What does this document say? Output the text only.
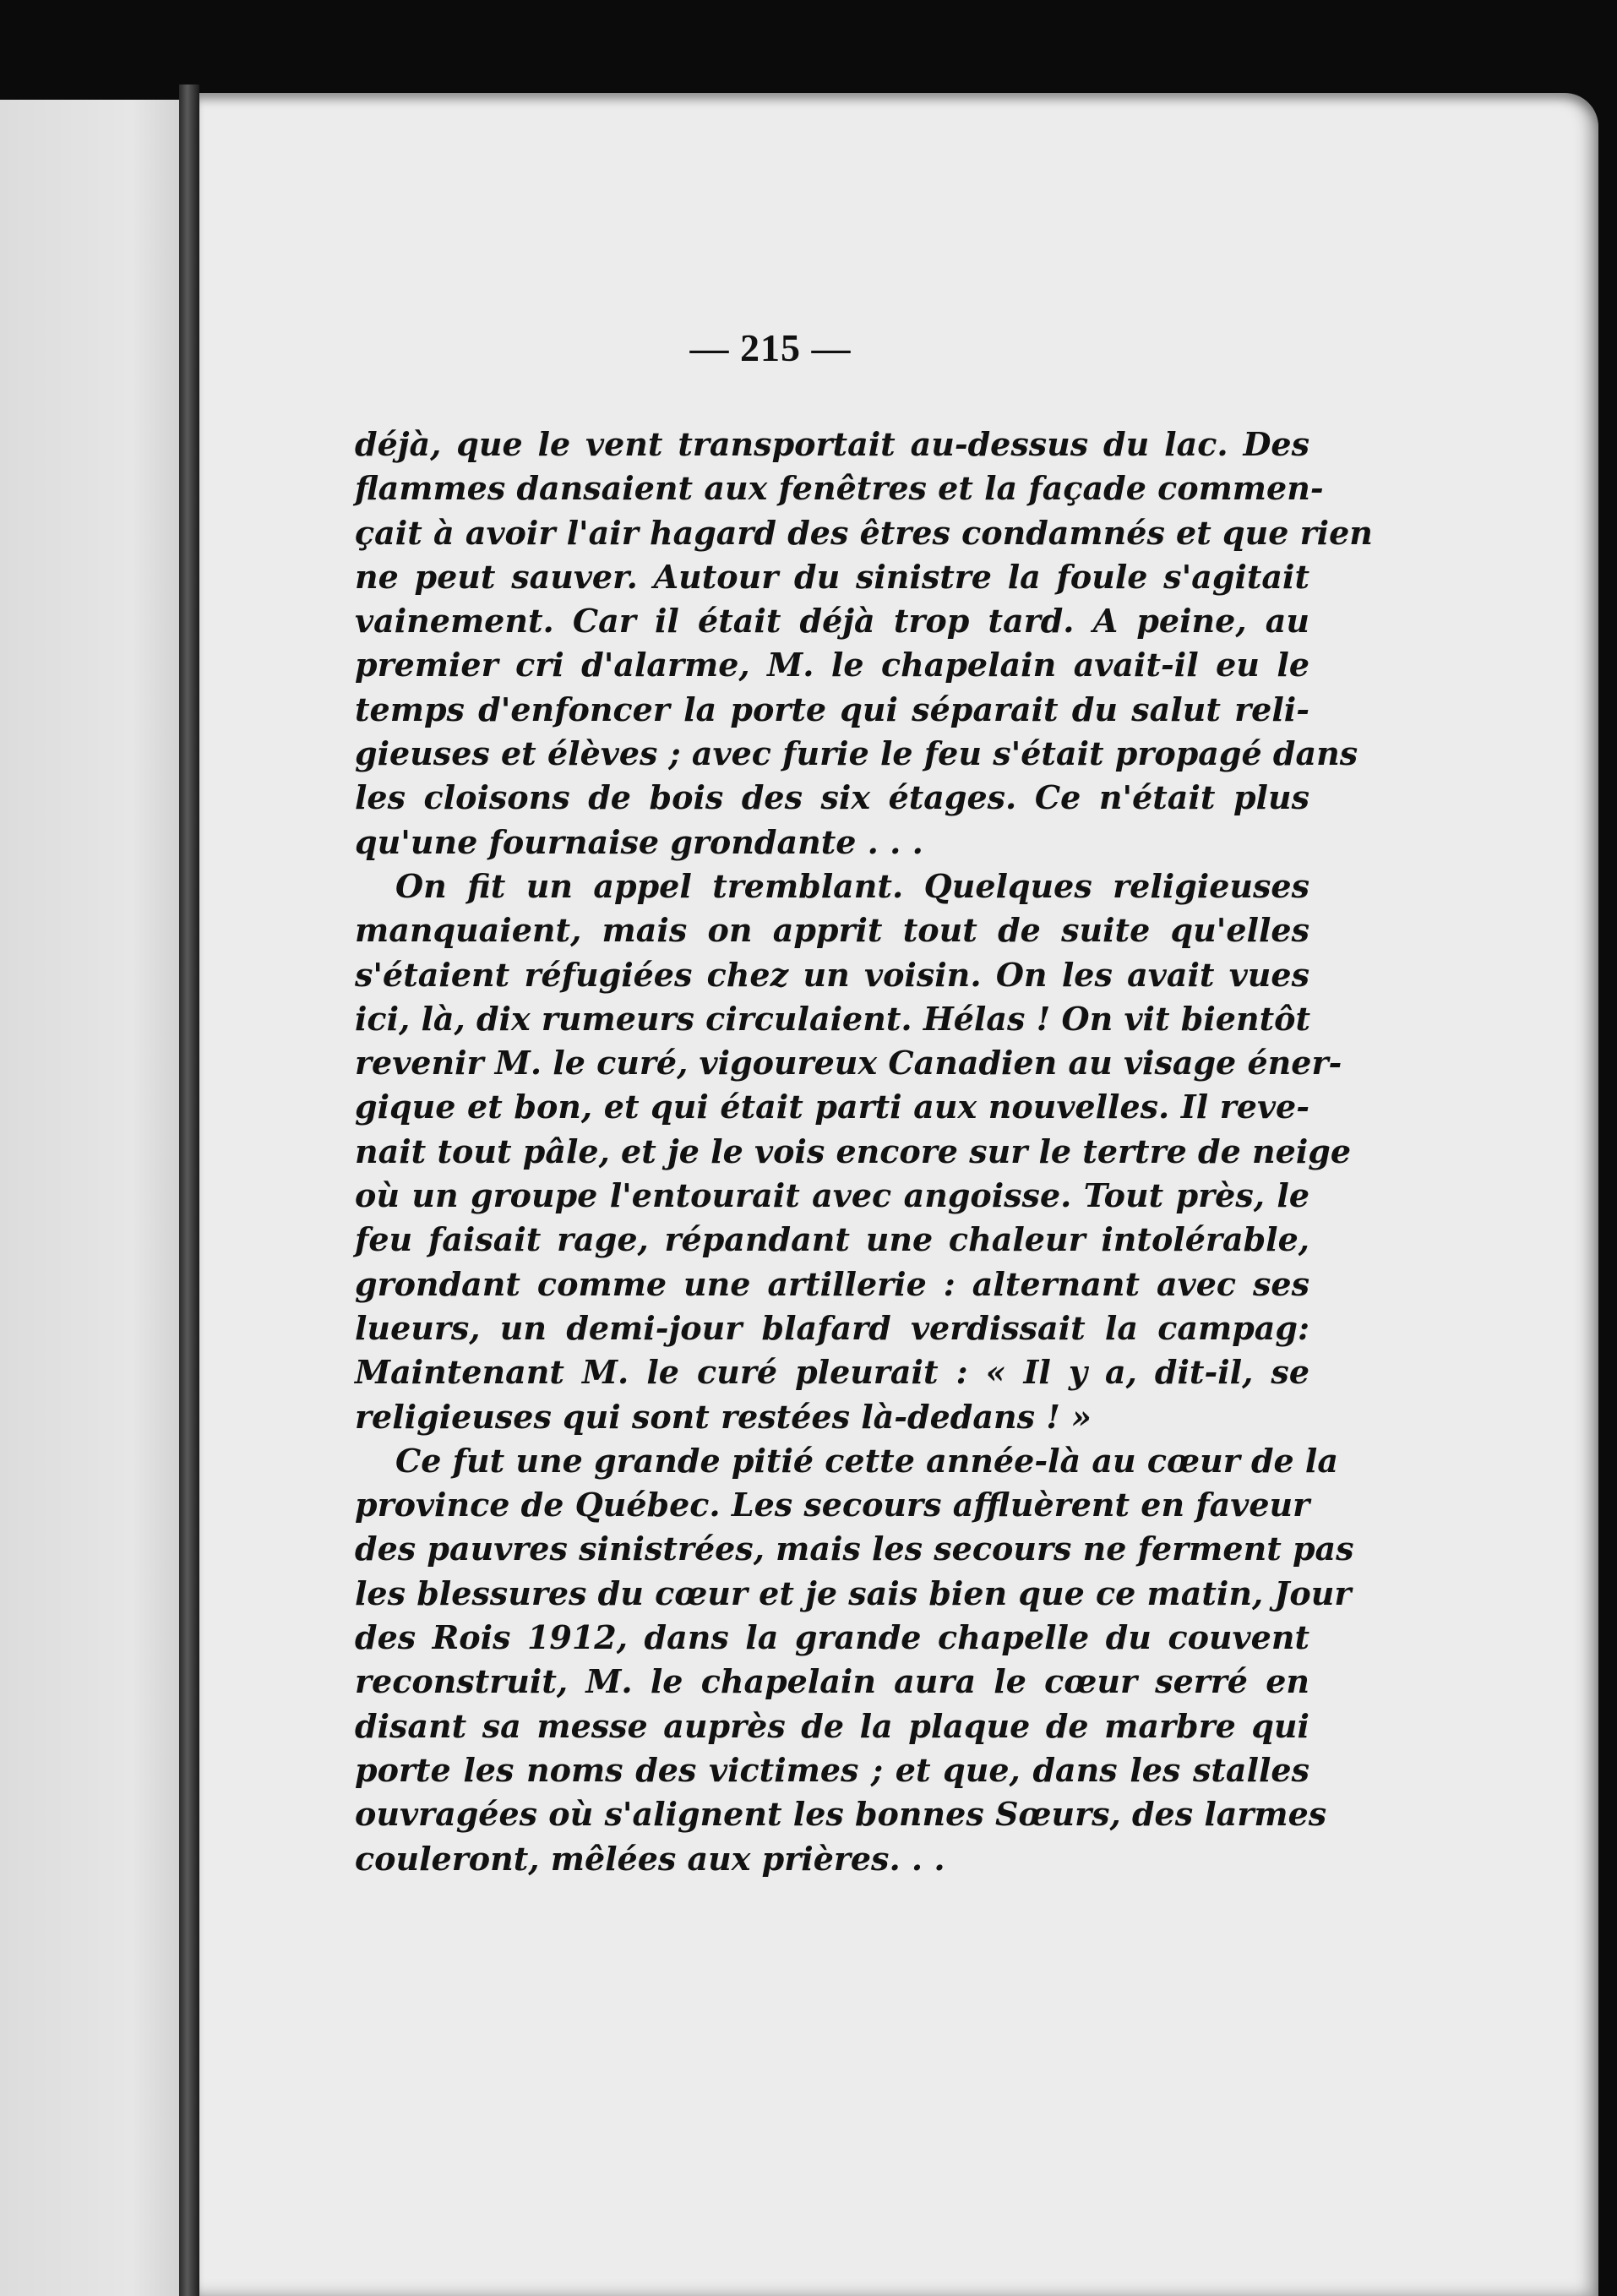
— 215 —
déjà, que le vent transportait au-dessus du lac. Des
flammes dansaient aux fenêtres et la façade commen-
çait à avoir l'air hagard des êtres condamnés et que rien
ne peut sauver. Autour du sinistre la foule s'agitait
vainement. Car il était déjà trop tard. A peine, au
premier cri d'alarme, M. le chapelain avait-il eu le
temps d'enfoncer la porte qui séparait du salut reli-
gieuses et élèves ; avec furie le feu s'était propagé dans
les cloisons de bois des six étages. Ce n'était plus
qu'une fournaise grondante . . .
On fit un appel tremblant. Quelques religieuses
manquaient, mais on apprit tout de suite qu'elles
s'étaient réfugiées chez un voisin. On les avait vues
ici, là, dix rumeurs circulaient. Hélas ! On vit bientôt
revenir M. le curé, vigoureux Canadien au visage éner-
gique et bon, et qui était parti aux nouvelles. Il reve-
nait tout pâle, et je le vois encore sur le tertre de neige
où un groupe l'entourait avec angoisse. Tout près, le
feu faisait rage, répandant une chaleur intolérable,
grondant comme une artillerie : alternant avec ses
lueurs, un demi-jour blafard verdissait la campag:
Maintenant M. le curé pleurait : « Il y a, dit-il, se
religieuses qui sont restées là-dedans ! »
Ce fut une grande pitié cette année-là au cœur de la
province de Québec. Les secours affluèrent en faveur
des pauvres sinistrées, mais les secours ne ferment pas
les blessures du cœur et je sais bien que ce matin, Jour
des Rois 1912, dans la grande chapelle du couvent
reconstruit, M. le chapelain aura le cœur serré en
disant sa messe auprès de la plaque de marbre qui
porte les noms des victimes ; et que, dans les stalles
ouvragées où s'alignent les bonnes Sœurs, des larmes
couleront, mêlées aux prières. . .
